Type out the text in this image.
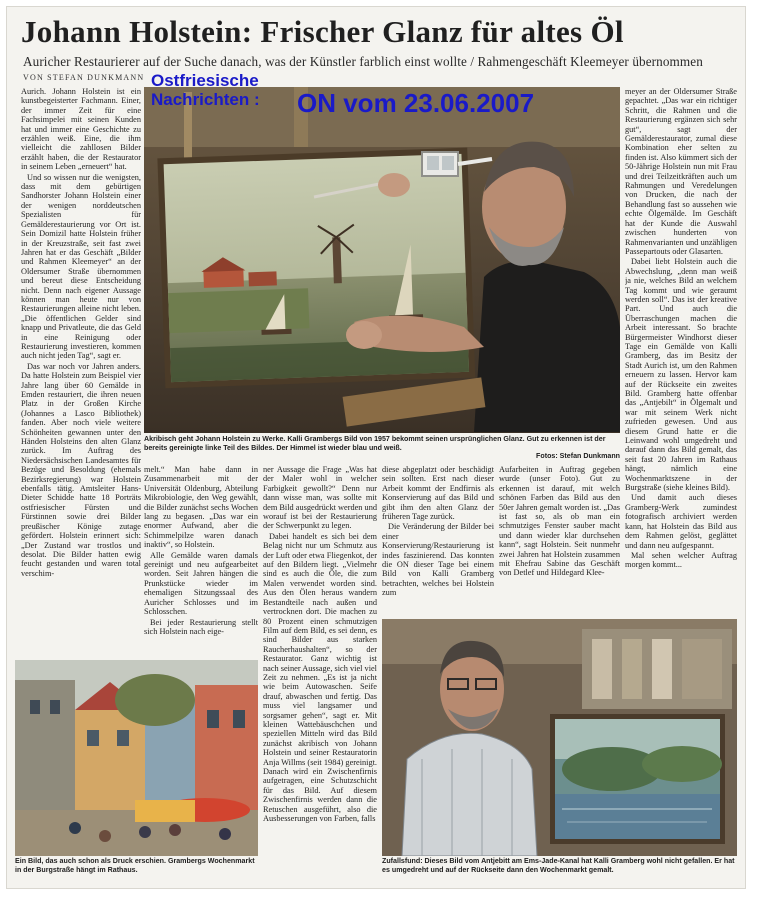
Johann Holstein: Frischer Glanz für altes Öl
Auricher Restaurierer auf der Suche danach, was der Künstler farblich einst wollte / Rahmengeschäft Kleemeyer übernommen
VON STEFAN DUNKMANN

Aurich. Johann Holstein ist ein kunstbegeisterter Fachmann. Einer, der immer Zeit für eine Fachsimpelei mit seinen Kunden hat und immer eine Geschichte zu erzählen weiß. Eine, die ihm vielleicht die zahllosen Bilder erzählt haben, die der Restaurator in seinem Leben „erneuert“ hat.

Und so wissen nur die wenigsten, dass mit dem gebürtigen Sandhorster Johann Holstein einer der wenigen norddeutschen Spezialisten für Gemälderestaurierung vor Ort ist. Sein Domizil hatte Holstein früher in der Kreuzstraße, seit fast zwei Jahren hat er das Geschäft „Bilder und Rahmen Kleemeyer“ an der Oldersumer Straße übernommen und bereut diese Entscheidung nicht. Denn nach eigener Aussage können man heute nur von Restaurierungen alleine nicht leben. „Die öffentlichen Gelder sind knapp und Privatleute, die das Geld in eine Reinigung oder Restaurierung investieren, kommen auch nicht jeden Tag“, sagt er.

Das war noch vor Jahren anders. Da hatte Holstein zum Beispiel vier Jahre lang über 60 Gemälde in Emden restauriert, die ihren neuen Platz in der Großen Kirche (Johannes a Lasco Bibliothek) fanden. Aber noch viele weitere Schönheiten gewannen unter den Händen Holsteins den alten Glanz zurück. Im Auftrag des Niedersächsischen Landesamtes für Bezüge und Besoldung (ehemals Bezirksregierung) war Holstein ebenfalls tätig. Amtsleiter Hans-Dieter Schidde hatte 18 Porträts ostfriesischer Fürsten und Fürstinnen sowie drei Bilder preußischer Könige zutage gefördert. Holstein erinnert sich: „Der Zustand war trostlos und desolat. Die Bilder hatten ewig feucht gestanden und waren total verschim-

Ostfriesische
Nachrichten : ON vom 23.06.2007	meyer an der Oldersumer Straße gepachtet. „Das war ein richtiger Schritt, die Rahmen und die Restaurierung ergänzen sich sehr gut“, sagt der Gemälderestaurator, zumal diese Kombination eher selten zu finden ist. Also kümmert sich der 50-Jährige Holstein nun mit Frau und drei Teilzeitkräften auch um Rahmungen und Veredelungen von Drucken, die nach der Behandlung fast so aussehen wie echte Ölgemälde. Im Geschäft hat der Kunde die Auswahl zwischen hunderten von Rahmenvarianten und unzähligen Passepartouts oder Glasarten.

Dabei liebt Holstein auch die Abwechslung, „denn man weiß ja nie, welches Bild an welchem Tag kommt und wie geraumt werden soll“. Das ist der kreative Part. Und auch die Überraschungen machen die Arbeit interessant. So brachte Bürgermeister Windhorst dieser Tage ein Gemälde von Kalli Gramberg, das im Besitz der Stadt Aurich ist, um den Rahmen erneuern zu lassen. Hervor kam auf der Rückseite ein zweites Bild. Gramberg hatte offenbar das „Antjebilt“ in Ölgemalt und war mit seinem Werk nicht zufrieden gewesen. Und aus diesem Grund hatte er die Leinwand wohl umgedreht und darauf dann das Bild gemalt, das seit fast 20 Jahren im Rathaus hängt, nämlich eine Wochenmarktszene in der Burgstraße (siehe kleines Bild).

Und damit auch dieses Gramberg-Werk zumindest fotografisch archiviert werden kann, hat Holstein das Bild aus dem Rahmen gelöst, geglättet und dann neu aufgespannt.

Mal sehen welcher Auftrag morgen kommt...

Akribisch geht Johann Holstein zu Werke. Kalli Grambergs Bild von 1957 bekommt seinen ursprünglichen Glanz. Gut zu erkennen ist der bereits gereinigte linke Teil des Bildes. Der Himmel ist wieder blau und weiß.
Fotos: Stefan Dunkmann

melt.“ Man habe dann in Zusammenarbeit mit der Universität Oldenburg, Abteilung Mikrobiologie, den Weg gewählt, die Bilder zunächst sechs Wochen lang zu begasen. „Das war ein enormer Aufwand, aber die Schimmelpilze waren danach inaktiv“, so Holstein.

Alle Gemälde waren damals gereinigt und neu aufgearbeitet worden. Seit Jahren hängen die Prunkstücke wieder im ehemaligen Sitzungssaal des Auricher Schlosses und im Schlosschen.

Bei jeder Restaurierung stellt sich Holstein nach eige-

ner Aussage die Frage „Was hat der Maler wohl in welcher Farbigkeit gewollt?“ Denn nur dann wisse man, was sollte mit dem Bild ausgedrückt werden und worauf ist bei der Restaurierung der Schwerpunkt zu legen.

Dabei handelt es sich bei dem Belag nicht nur um Schmutz aus der Luft oder etwa Fliegenkot, der auf den Bildern liegt. „Vielmehr sind es auch die Öle, die zum Malen verwendet worden sind. Aus den Ölen heraus wandern Bestandteile nach außen und vertrocknen dort. Die machen zu 80 Prozent einen schmutzigen Film auf dem Bild, es sei denn, es sind Bilder aus starken Raucherhaushalten“, so der Restaurator. Ganz wichtig ist nach seiner Aussage, sich viel viel Zeit zu nehmen. „Es ist ja nicht wie beim Autowaschen. Seife drauf, abwaschen und fertig. Das muss viel langsamer und sorgsamer gehen“, sagt er. Mit kleinen Wattebäuschchen und speziellen Mitteln wird das Bild zunächst akribisch von Johann Holstein und seiner Restauratorin Anja Willms (seit 1984) gereinigt. Danach wird ein Zwischenfirnis aufgetragen, eine Schutzschicht für das Bild. Auf diesem Zwischenfirnis werden dann die Retuschen ausgeführt, also die Ausbesserungen von Farben, falls

diese abgeplatzt oder beschädigt sein sollten. Erst nach dieser Arbeit kommt der Endfirnis als Konservierung auf das Bild und gibt ihm den alten Glanz der früheren Tage zurück.

Die Veränderung der Bilder bei einer Konservierung/Restaurierung ist indes faszinierend. Das konnten die ON dieser Tage bei einem Bild von Kalli Gramberg betrachten, welches bei Holstein zum

Aufarbeiten in Auftrag gegeben wurde (unser Foto). Gut zu erkennen ist darauf, mit welch schönen Farben das Bild aus den 50er Jahren gemalt worden ist. „Das ist fast so, als ob man ein schmutziges Fenster sauber macht und dann wieder klar durchsehen kann“, sagt Holstein. Seit nunmehr zwei Jahren hat Holstein zusammen mit Ehefrau Sabine das Geschäft von Detlef und Hildegard Klee-

Ein Bild, das auch schon als Druck erschien. Grambergs Wochenmarkt in der Burgstraße hängt im Rathaus.
Zufallsfund: Dieses Bild vom Antjebitt am Ems-Jade-Kanal hat Kalli Gramberg wohl nicht gefallen. Er hat es umgedreht und auf der Rückseite dann den Wochenmarkt gemalt.
